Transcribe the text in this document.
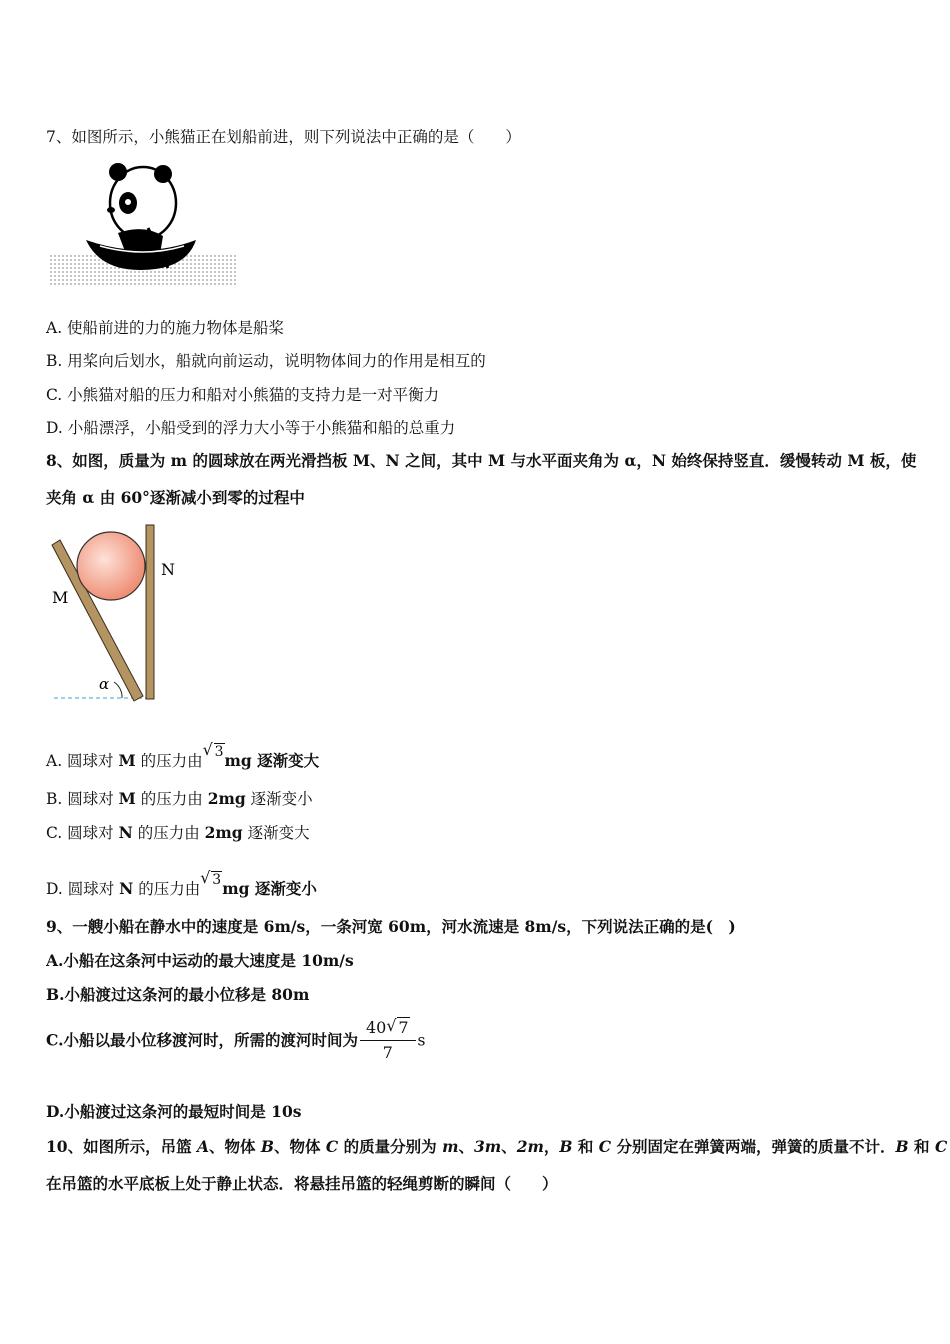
7、如图所示，小熊猫正在划船前进，则下列说法中正确的是（　　）
A. 使船前进的力的施力物体是船桨
B. 用桨向后划水，船就向前运动，说明物体间力的作用是相互的
C. 小熊猫对船的压力和船对小熊猫的支持力是一对平衡力
D. 小船漂浮，小船受到的浮力大小等于小熊猫和船的总重力
8、如图，质量为 m 的圆球放在两光滑挡板 M、N 之间，其中 M 与水平面夹角为 α，N 始终保持竖直．缓慢转动 M 板，使
夹角 α 由 60°逐渐减小到零的过程中
M
N
α
A. 圆球对 M 的压力由
√ 3mg 逐渐变大
B. 圆球对 M 的压力由 2mg 逐渐变小
C. 圆球对 N 的压力由 2mg 逐渐变大
D. 圆球对 N 的压力由
√ 3mg 逐渐变小
9、一艘小船在静水中的速度是 6m/s，一条河宽 60m，河水流速是 8m/s，下列说法正确的是(　)
A.小船在这条河中运动的最大速度是 10m/s
B.小船渡过这条河的最小位移是 80m
C.小船以最小位移渡河时，所需的渡河时间为 $\frac{40 √ 7}{7}$ s
D.小船渡过这条河的最短时间是 10s
10、如图所示，吊篮 A、物体 B、物体 C 的质量分别为 m、3m、2m，B 和 C 分别固定在弹簧两端，弹簧的质量不计．B 和 C
在吊篮的水平底板上处于静止状态．将悬挂吊篮的轻绳剪断的瞬间（　　）
